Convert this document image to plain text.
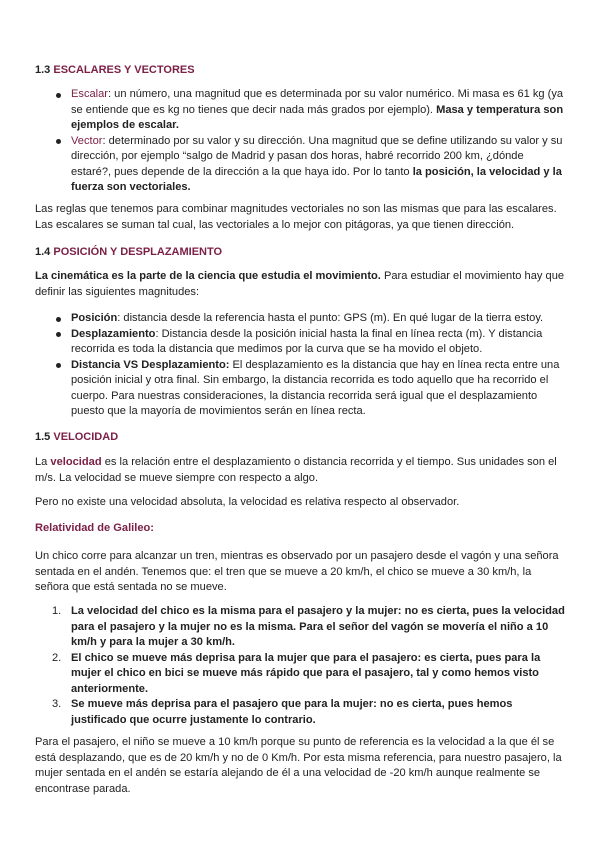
1.3 ESCALARES Y VECTORES
Escalar: un número, una magnitud que es determinada por su valor numérico. Mi masa es 61 kg (ya se entiende que es kg no tienes que decir nada más grados por ejemplo). Masa y temperatura son ejemplos de escalar.
Vector: determinado por su valor y su dirección. Una magnitud que se define utilizando su valor y su dirección, por ejemplo “salgo de Madrid y pasan dos horas, habré recorrido 200 km, ¿dónde estaré?, pues depende de la dirección a la que haya ido. Por lo tanto la posición, la velocidad y la fuerza son vectoriales.

Las reglas que tenemos para combinar magnitudes vectoriales no son las mismas que para las escalares. Las escalares se suman tal cual, las vectoriales a lo mejor con pitágoras, ya que tienen dirección.

1.4 POSICIÓN Y DESPLAZAMIENTO

La cinemática es la parte de la ciencia que estudia el movimiento. Para estudiar el movimiento hay que definir las siguientes magnitudes:

Posición: distancia desde la referencia hasta el punto: GPS (m). En qué lugar de la tierra estoy.
Desplazamiento: Distancia desde la posición inicial hasta la final en línea recta (m). Y distancia recorrida es toda la distancia que medimos por la curva que se ha movido el objeto.
Distancia VS Desplazamiento: El desplazamiento es la distancia que hay en línea recta entre una posición inicial y otra final. Sin embargo, la distancia recorrida es todo aquello que ha recorrido el cuerpo. Para nuestras consideraciones, la distancia recorrida será igual que el desplazamiento puesto que la mayoría de movimientos serán en línea recta.
1.5 VELOCIDAD

La velocidad es la relación entre el desplazamiento o distancia recorrida y el tiempo. Sus unidades son el m/s. La velocidad se mueve siempre con respecto a algo.

Pero no existe una velocidad absoluta, la velocidad es relativa respecto al observador.

Relatividad de Galileo:

Un chico corre para alcanzar un tren, mientras es observado por un pasajero desde el vagón y una señora sentada en el andén. Tenemos que: el tren que se mueve a 20 km/h, el chico se mueve a 30 km/h, la señora que está sentada no se mueve.

1. La velocidad del chico es la misma para el pasajero y la mujer: no es cierta, pues la velocidad para el pasajero y la mujer no es la misma. Para el señor del vagón se movería el niño a 10 km/h y para la mujer a 30 km/h.
2. El chico se mueve más deprisa para la mujer que para el pasajero: es cierta, pues para la mujer el chico en bici se mueve más rápido que para el pasajero, tal y como hemos visto anteriormente.
3. Se mueve más deprisa para el pasajero que para la mujer: no es cierta, pues hemos justificado que ocurre justamente lo contrario.

Para el pasajero, el niño se mueve a 10 km/h porque su punto de referencia es la velocidad a la que él se está desplazando, que es de 20 km/h y no de 0 Km/h. Por esta misma referencia, para nuestro pasajero, la mujer sentada en el andén se estaría alejando de él a una velocidad de -20 km/h aunque realmente se encontrase parada.
